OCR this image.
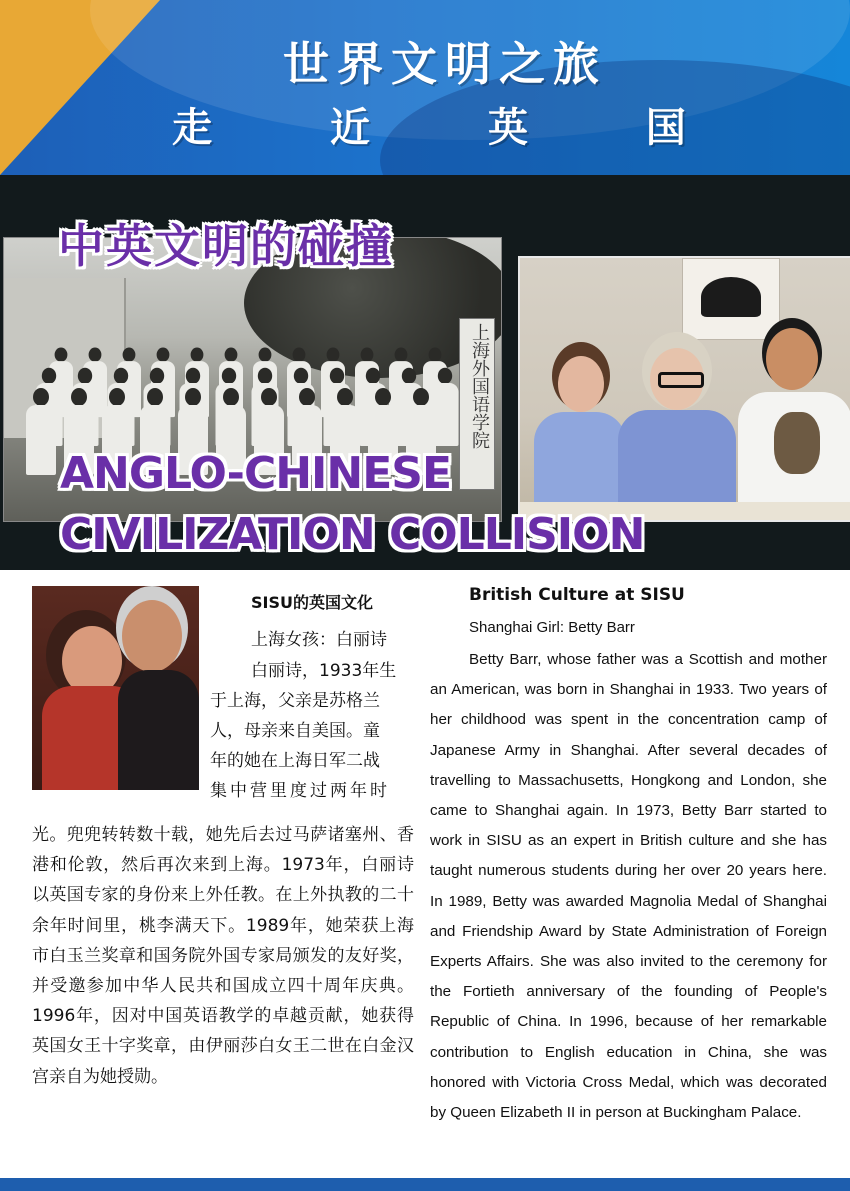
世界文明之旅
走 近 英 国
上海外国语学院
中英文明的碰撞
ANGLO-CHINESE
CIVILIZATION COLLISION
SISU的英国文化
上海女孩：白丽诗
白丽诗，1933年生
于上海，父亲是苏格兰
人，母亲来自美国。童
年的她在上海日军二战
集中营里度过两年时
光。兜兜转转数十载，她先后去过马萨诸塞州、香港和伦敦，然后再次来到上海。1973年，白丽诗以英国专家的身份来上外任教。在上外执教的二十余年时间里，桃李满天下。1989年，她荣获上海市白玉兰奖章和国务院外国专家局颁发的友好奖，并受邀参加中华人民共和国成立四十周年庆典。1996年，因对中国英语教学的卓越贡献，她获得英国女王十字奖章，由伊丽莎白女王二世在白金汉宫亲自为她授勋。
British Culture at SISU
Shanghai Girl: Betty Barr
Betty Barr, whose father was a Scottish and mother an American, was born in Shanghai in 1933. Two years of her childhood was spent in the concentration camp of Japanese Army in Shanghai. After several decades of travelling to Massachusetts, Hongkong and London, she came to Shanghai again. In 1973, Betty Barr started to work in SISU as an expert in British culture and she has taught numerous students during her over 20 years here. In 1989, Betty was awarded Magnolia Medal of Shanghai and Friendship Award by State Administration of Foreign Experts Affairs. She was also invited to the ceremony for the Fortieth anniversary of the founding of People's Republic of China. In 1996, because of her remarkable contribution to English education in China, she was honored with Victoria Cross Medal, which was decorated by Queen Elizabeth II in person at Buckingham Palace.
